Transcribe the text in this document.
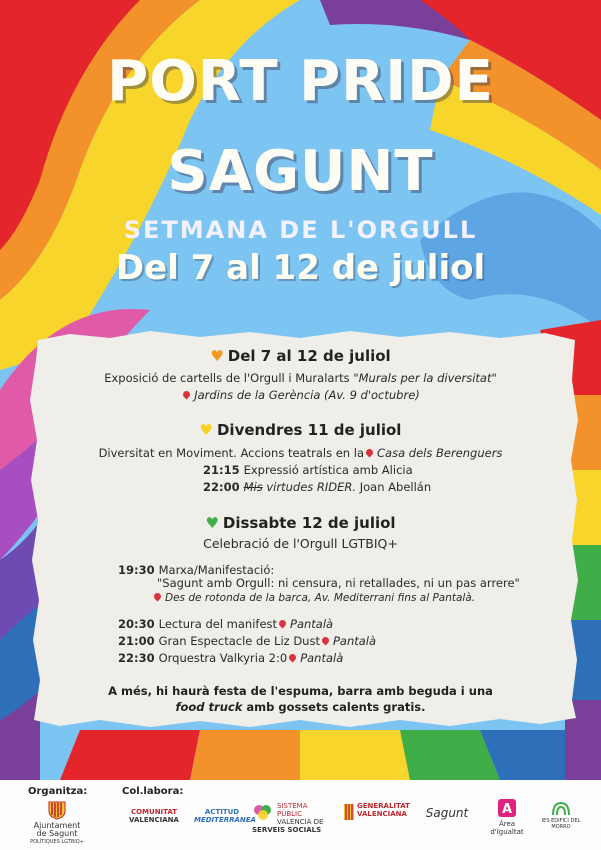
PORT PRIDE
SAGUNT
SETMANA DE L'ORGULL
Del 7 al 12 de juliol
♥ Del 7 al 12 de juliol
Exposició de cartells de l'Orgull i Muralarts "Murals per la diversitat"
Jardins de la Gerència (Av. 9 d'octubre)
♥ Divendres 11 de juliol
Diversitat en Moviment. Accions teatrals en la Casa dels Berenguers
21:15 Expressió artística amb Alicia
22:00 Mis virtudes RIDER. Joan Abellán
♥ Dissabte 12 de juliol
Celebració de l'Orgull LGTBIQ+
19:30 Marxa/Manifestació:
"Sagunt amb Orgull: ni censura, ni retallades, ni un pas arrere"
Des de rotonda de la barca, Av. Mediterrani fins al Pantalà.
20:30 Lectura del manifest Pantalà
21:00 Gran Espectacle de Liz Dust Pantalà
22:30 Orquestra Valkyria 2:0 Pantalà
A més, hi haurà festa de l'espuma, barra amb beguda i una
food truck amb gossets calents gratis.
Organitza:	Col.labora:
Ajuntament
de Sagunt
POLÍTIQUES LGTBIQ+
COMUNITAT
VALENCIANA
ACTITUD
MEDITERRÀNEA
SISTEMA PÚBLIC
VALENCIÀ DE
SERVEIS SOCIALS
GENERALITAT
VALENCIANA	Sagunt	A
Àrea d'Igualtat
IES EDIFICI DEL MORRO
